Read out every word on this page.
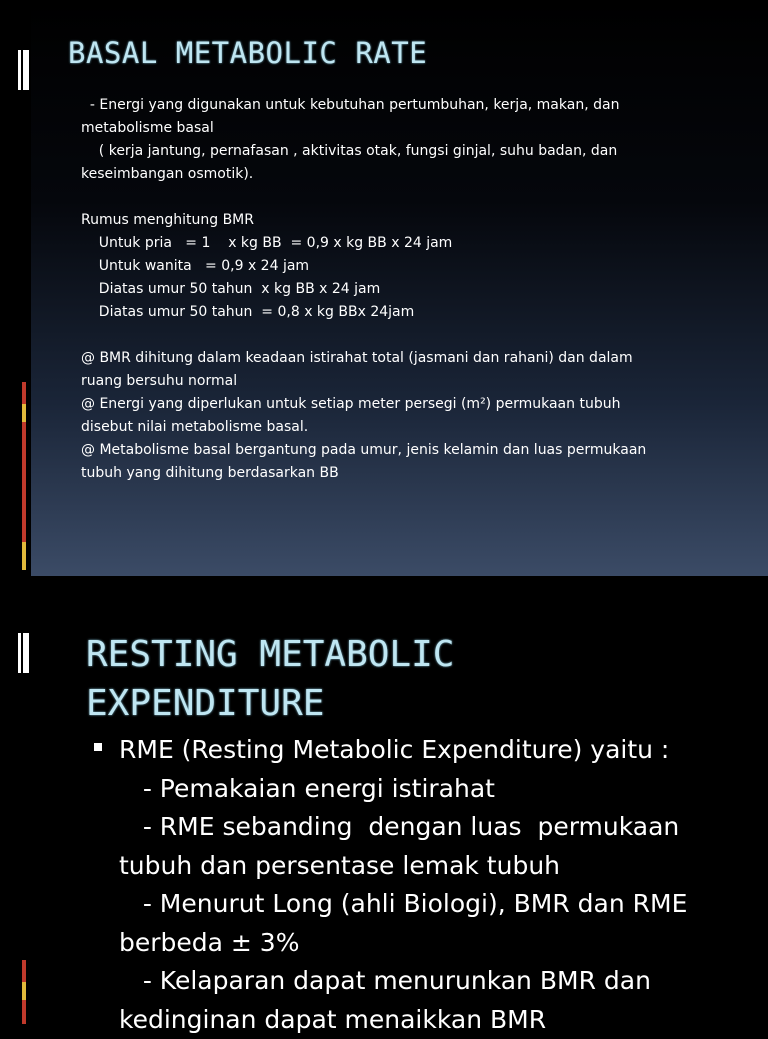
BASAL METABOLIC RATE
- Energi yang digunakan untuk kebutuhan pertumbuhan, kerja, makan, dan
metabolisme basal
( kerja jantung, pernafasan , aktivitas otak, fungsi ginjal, suhu badan, dan
keseimbangan osmotik).
Rumus menghitung BMR
Untuk pria   = 1    x kg BB  = 0,9 x kg BB x 24 jam
Untuk wanita   = 0,9 x 24 jam
Diatas umur 50 tahun  x kg BB x 24 jam
Diatas umur 50 tahun  = 0,8 x kg BBx 24jam
@ BMR dihitung dalam keadaan istirahat total (jasmani dan rahani) dan dalam
ruang bersuhu normal
@ Energi yang diperlukan untuk setiap meter persegi (m²) permukaan tubuh
disebut nilai metabolisme basal.
@ Metabolisme basal bergantung pada umur, jenis kelamin dan luas permukaan
tubuh yang dihitung berdasarkan BB
RESTING METABOLIC
EXPENDITURE
RME (Resting Metabolic Expenditure) yaitu :
- Pemakaian energi istirahat
- RME sebanding  dengan luas  permukaan tubuh dan persentase lemak tubuh
- Menurut Long (ahli Biologi), BMR dan RME berbeda ± 3%
- Kelaparan dapat menurunkan BMR dan kedinginan dapat menaikkan BMR
